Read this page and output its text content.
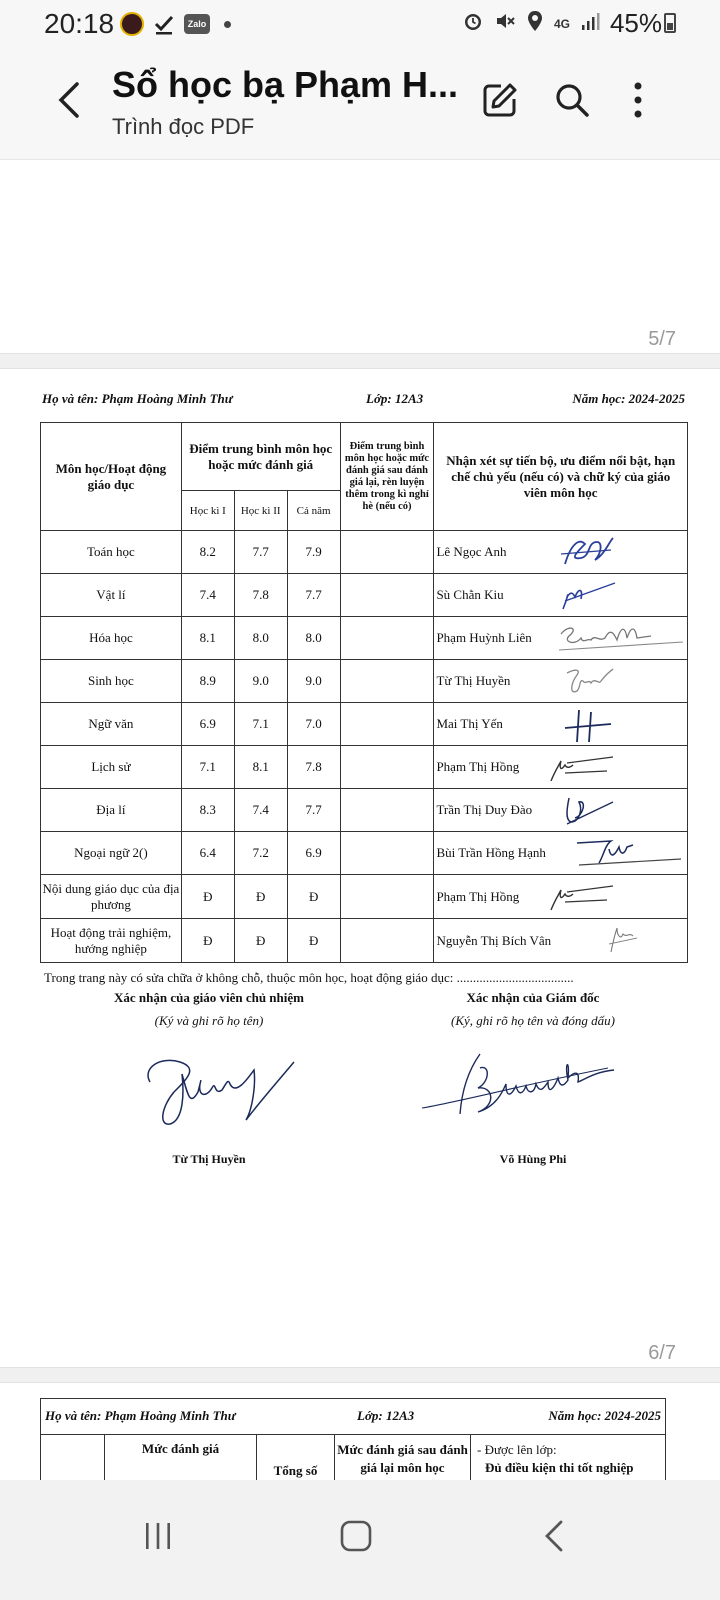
20:18	Zalo	4G 45%
Sổ học bạ Phạm H...
Trình đọc PDF
5/7
Họ và tên: Phạm Hoàng Minh Thư	Lớp: 12A3	Năm học: 2024-2025
Môn học/Hoạt động giáo dục	Điểm trung bình môn học hoặc mức đánh giá			Điểm trung bình môn học hoặc mức đánh giá sau đánh giá lại, rèn luyện thêm trong kì nghỉ hè (nếu có)	Nhận xét sự tiến bộ, ưu điểm nổi bật, hạn chế chủ yếu (nếu có) và chữ ký của giáo viên môn học
	Học kì I	Học kì II	Cả năm		
Toán học	8.2	7.7	7.9		Lê Ngọc Anh

Vật lí	7.4	7.8	7.7		Sù Chằn Kiu

Hóa học	8.1	8.0	8.0		Phạm Huỳnh Liên

Sinh học	8.9	9.0	9.0		Từ Thị Huyền

Ngữ văn	6.9	7.1	7.0		Mai Thị Yến

Lịch sử	7.1	8.1	7.8		Phạm Thị Hồng

Địa lí	8.3	7.4	7.7		Trần Thị Duy Đào

Ngoại ngữ 2()	6.4	7.2	6.9		Bùi Trần Hồng Hạnh

Nội dung giáo dục của địa phương	Đ	Đ	Đ		Phạm Thị Hồng

Hoạt động trải nghiệm, hướng nghiệp	Đ	Đ	Đ		Nguyễn Thị Bích Vân
Trong trang này có sửa chữa ở không chỗ, thuộc môn học, hoạt động giáo dục: ....................................
Xác nhận của giáo viên chủ nhiệm
(Ký và ghi rõ họ tên)
Từ Thị Huyền
Xác nhận của Giám đốc
(Ký, ghi rõ họ tên và đóng dấu)
Võ Hùng Phi
6/7
Họ và tên: Phạm Hoàng Minh Thư	Lớp: 12A3	Năm học: 2024-2025
	Mức đánh giá	Tổng số	Mức đánh giá sau đánh giá lại môn học	
- Được lên lớp:
Đủ điều kiện thi tốt nghiệp
